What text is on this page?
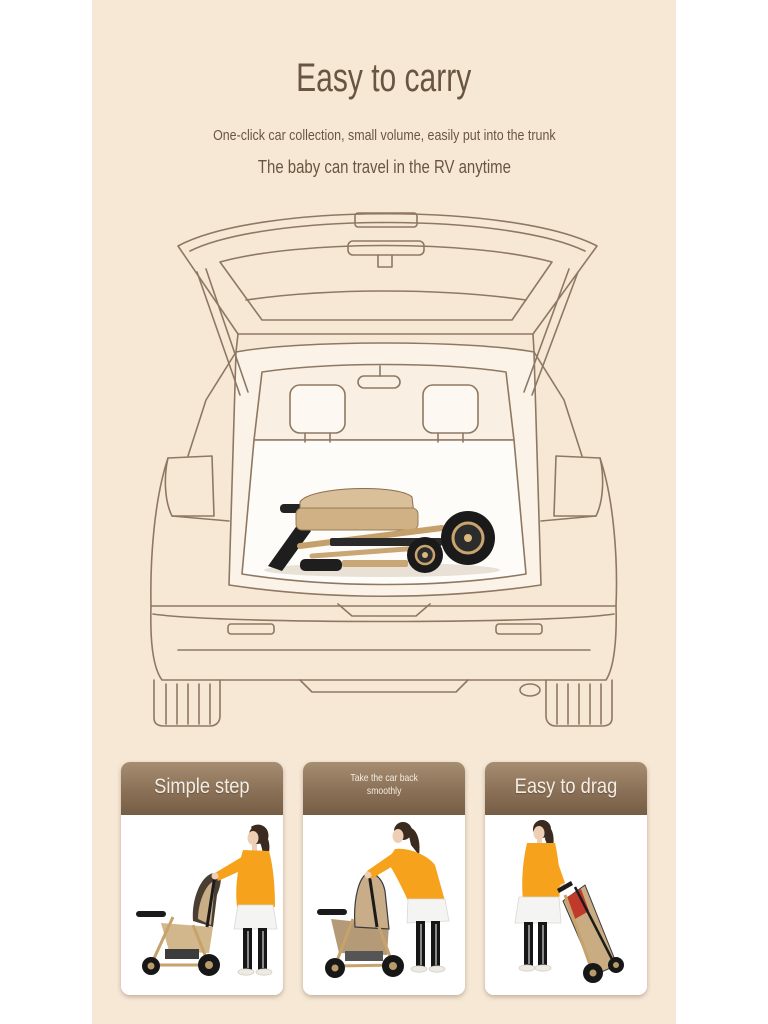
Easy to carry
One-click car collection, small volume, easily put into the trunk
The baby can travel in the RV anytime
Simple step	Take the car back
smoothly	Easy to drag
